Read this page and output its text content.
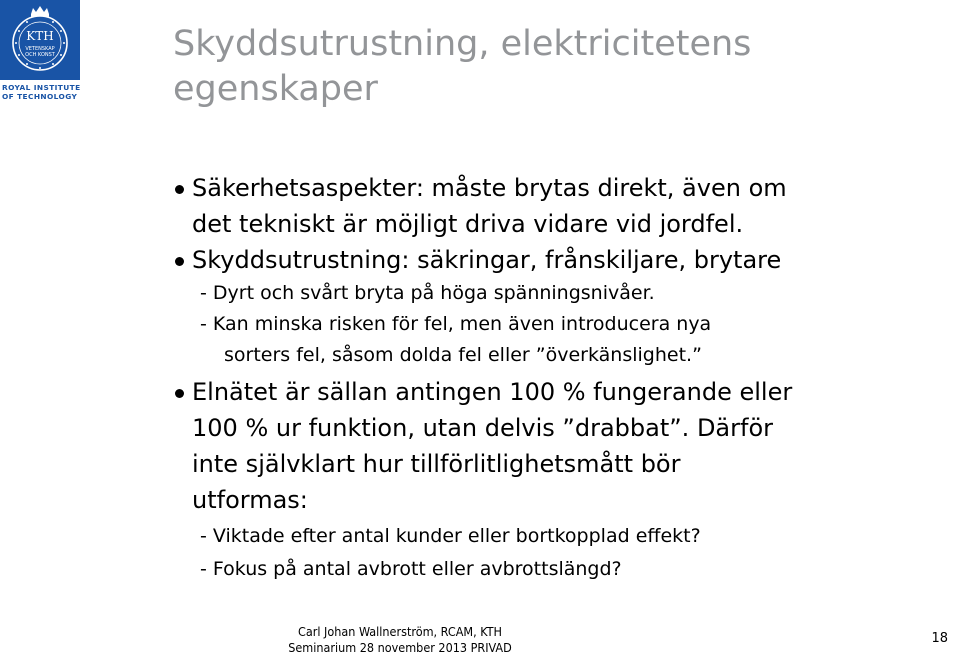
KTH
VETENSKAP
OCH KONST
ROYAL INSTITUTE
OF TECHNOLOGY
Skyddsutrustning, elektricitetens
egenskaper
Säkerhetsaspekter: måste brytas direkt, även om
det tekniskt är möjligt driva vidare vid jordfel.
Skyddsutrustning: säkringar, frånskiljare, brytare
- Dyrt och svårt bryta på höga spänningsnivåer.
- Kan minska risken för fel, men även introducera nya
sorters fel, såsom dolda fel eller ”överkänslighet.”
Elnätet är sällan antingen 100 % fungerande eller
100 % ur funktion, utan delvis ”drabbat”. Därför
inte självklart hur tillförlitlighetsmått bör
utformas:
- Viktade efter antal kunder eller bortkopplad effekt?
- Fokus på antal avbrott eller avbrottslängd?
Carl Johan Wallnerström, RCAM, KTH
Seminarium 28 november 2013 PRIVAD
18
